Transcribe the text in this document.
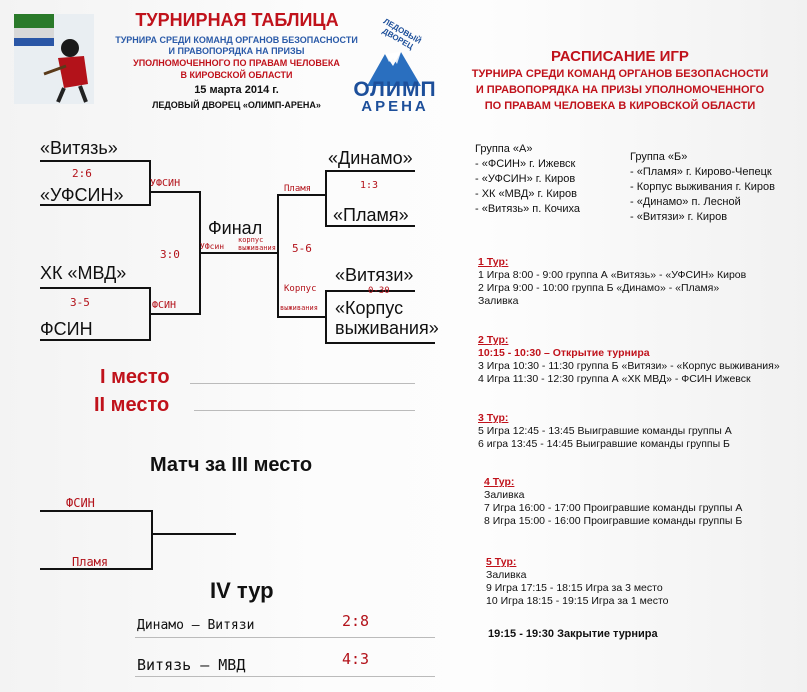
ТУРНИРНАЯ ТАБЛИЦА
ТУРНИРА СРЕДИ КОМАНД ОРГАНОВ БЕЗОПАСНОСТИ
И ПРАВОПОРЯДКА НА ПРИЗЫ
УПОЛНОМОЧЕННОГО ПО ПРАВАМ ЧЕЛОВЕКА
В КИРОВСКОЙ ОБЛАСТИ
15 марта 2014 г.
ЛЕДОВЫЙ ДВОРЕЦ «ОЛИМП-АРЕНА»
ЛЕДОВЫЙ ДВОРЕЦ
ОЛИМП
АРЕНА
«Витязь»
2:6
«УФСИН»
ХК «МВД»
3-5
ФСИН
УФСИН
ФСИН
3:0
Финал
УФсин
корпус выживания
«Динамо»
1:3
«Пламя»
«Витязи»
0-30
«Корпус
выживания»
Пламя
5-6
Корпус
выживания
I место
II место
Матч за III место
ФСИН
Пламя
IV тур
Динамо – Витязи	2:8
Витязь – МВД	4:3
РАСПИСАНИЕ ИГР
ТУРНИРА СРЕДИ КОМАНД ОРГАНОВ БЕЗОПАСНОСТИ
И ПРАВОПОРЯДКА НА ПРИЗЫ УПОЛНОМОЧЕННОГО
ПО ПРАВАМ ЧЕЛОВЕКА В КИРОВСКОЙ ОБЛАСТИ
Группа «А»
- «ФСИН» г. Ижевск
- «УФСИН» г. Киров
- ХК «МВД» г. Киров
- «Витязь» п. Кочиха
Группа «Б»
- «Пламя» г. Кирово-Чепецк
- Корпус выживания г. Киров
- «Динамо» п. Лесной
- «Витязи» г. Киров
1 Тур:
1 Игра 8:00 - 9:00 группа А «Витязь» - «УФСИН» Киров
2 Игра 9:00 - 10:00 группа Б «Динамо» - «Пламя»
Заливка
2 Тур:
10:15 - 10:30 – Открытие турнира
3 Игра 10:30 - 11:30 группа Б «Витязи» - «Корпус выживания»
4 Игра 11:30 - 12:30 группа А «ХК МВД» - ФСИН Ижевск
3 Тур:
5 Игра 12:45 - 13:45 Выигравшие команды группы А
6 игра 13:45 - 14:45 Выигравшие команды группы Б
4 Тур:
Заливка
7 Игра 16:00 - 17:00 Проигравшие команды группы А
8 Игра 15:00 - 16:00 Проигравшие команды группы Б
5 Тур:
Заливка
9 Игра 17:15 - 18:15 Игра за 3 место
10 Игра 18:15 - 19:15 Игра за 1 место
19:15 - 19:30 Закрытие турнира
